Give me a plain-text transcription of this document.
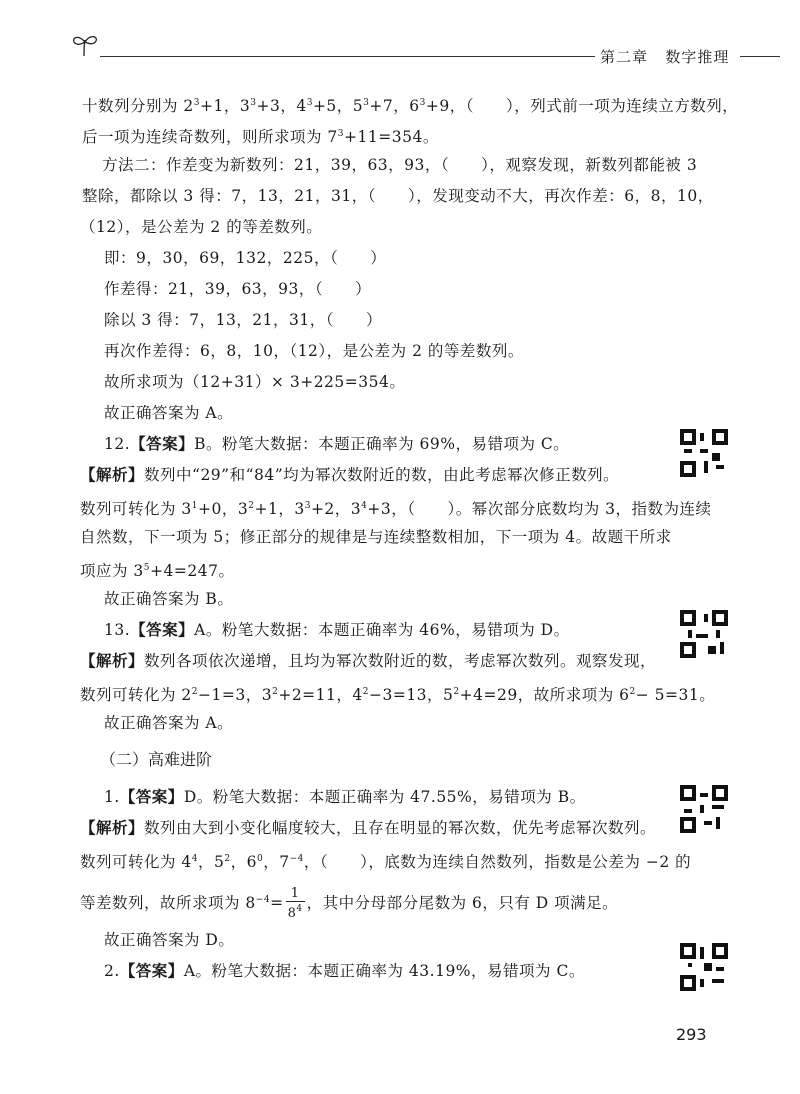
第二章 数字推理
十数列分别为 $2^3+1$，$3^3+3$，$4^3+5$，$5^3+7$，$6^3+9$，（　　），列式前一项为连续立方数列，
后一项为连续奇数列，则所求项为 $7^3+11=354$。
方法二：作差变为新数列：21，39，63，93，（　　），观察发现，新数列都能被 3
整除，都除以 3 得：7，13，21，31，（　　），发现变动不大，再次作差：6，8，10，
（12），是公差为 2 的等差数列。
即：9，30，69，132，225，（　　）
作差得：21，39，63，93，（　　）
除以 3 得：7，13，21，31，（　　）
再次作差得：6，8，10，（12），是公差为 2 的等差数列。
故所求项为（12+31）× 3+225=354。
故正确答案为 A。
12.【答案】B。粉笔大数据：本题正确率为 69%，易错项为 C。
【解析】数列中“29”和“84”均为幂次数附近的数，由此考虑幂次修正数列。
数列可转化为 $3^1+0$，$3^2+1$，$3^3+2$，$3^4+3$，（　　）。幂次部分底数均为 3，指数为连续
自然数，下一项为 5；修正部分的规律是与连续整数相加，下一项为 4。故题干所求
项应为 $3^5+4=247$。
故正确答案为 B。
13.【答案】A。粉笔大数据：本题正确率为 46%，易错项为 D。
【解析】数列各项依次递增，且均为幂次数附近的数，考虑幂次数列。观察发现，
数列可转化为 $2^2-1=3$，$3^2+2=11$，$4^2-3=13$，$5^2+4=29$，故所求项为 $6^2- 5=31$。
故正确答案为 A。
（二）高难进阶
1.【答案】D。粉笔大数据：本题正确率为 47.55%，易错项为 B。
【解析】数列由大到小变化幅度较大，且存在明显的幂次数，优先考虑幂次数列。
数列可转化为 $4^4$，$5^2$，$6^0$，$7^{-4}$，（　　），底数为连续自然数列，指数是公差为 −2 的
等差数列，故所求项为 $8^{-4}= \frac{1}{8^4}$ ，其中分母部分尾数为 6，只有 D 项满足。
故正确答案为 D。
2.【答案】A。粉笔大数据：本题正确率为 43.19%，易错项为 C。
293
